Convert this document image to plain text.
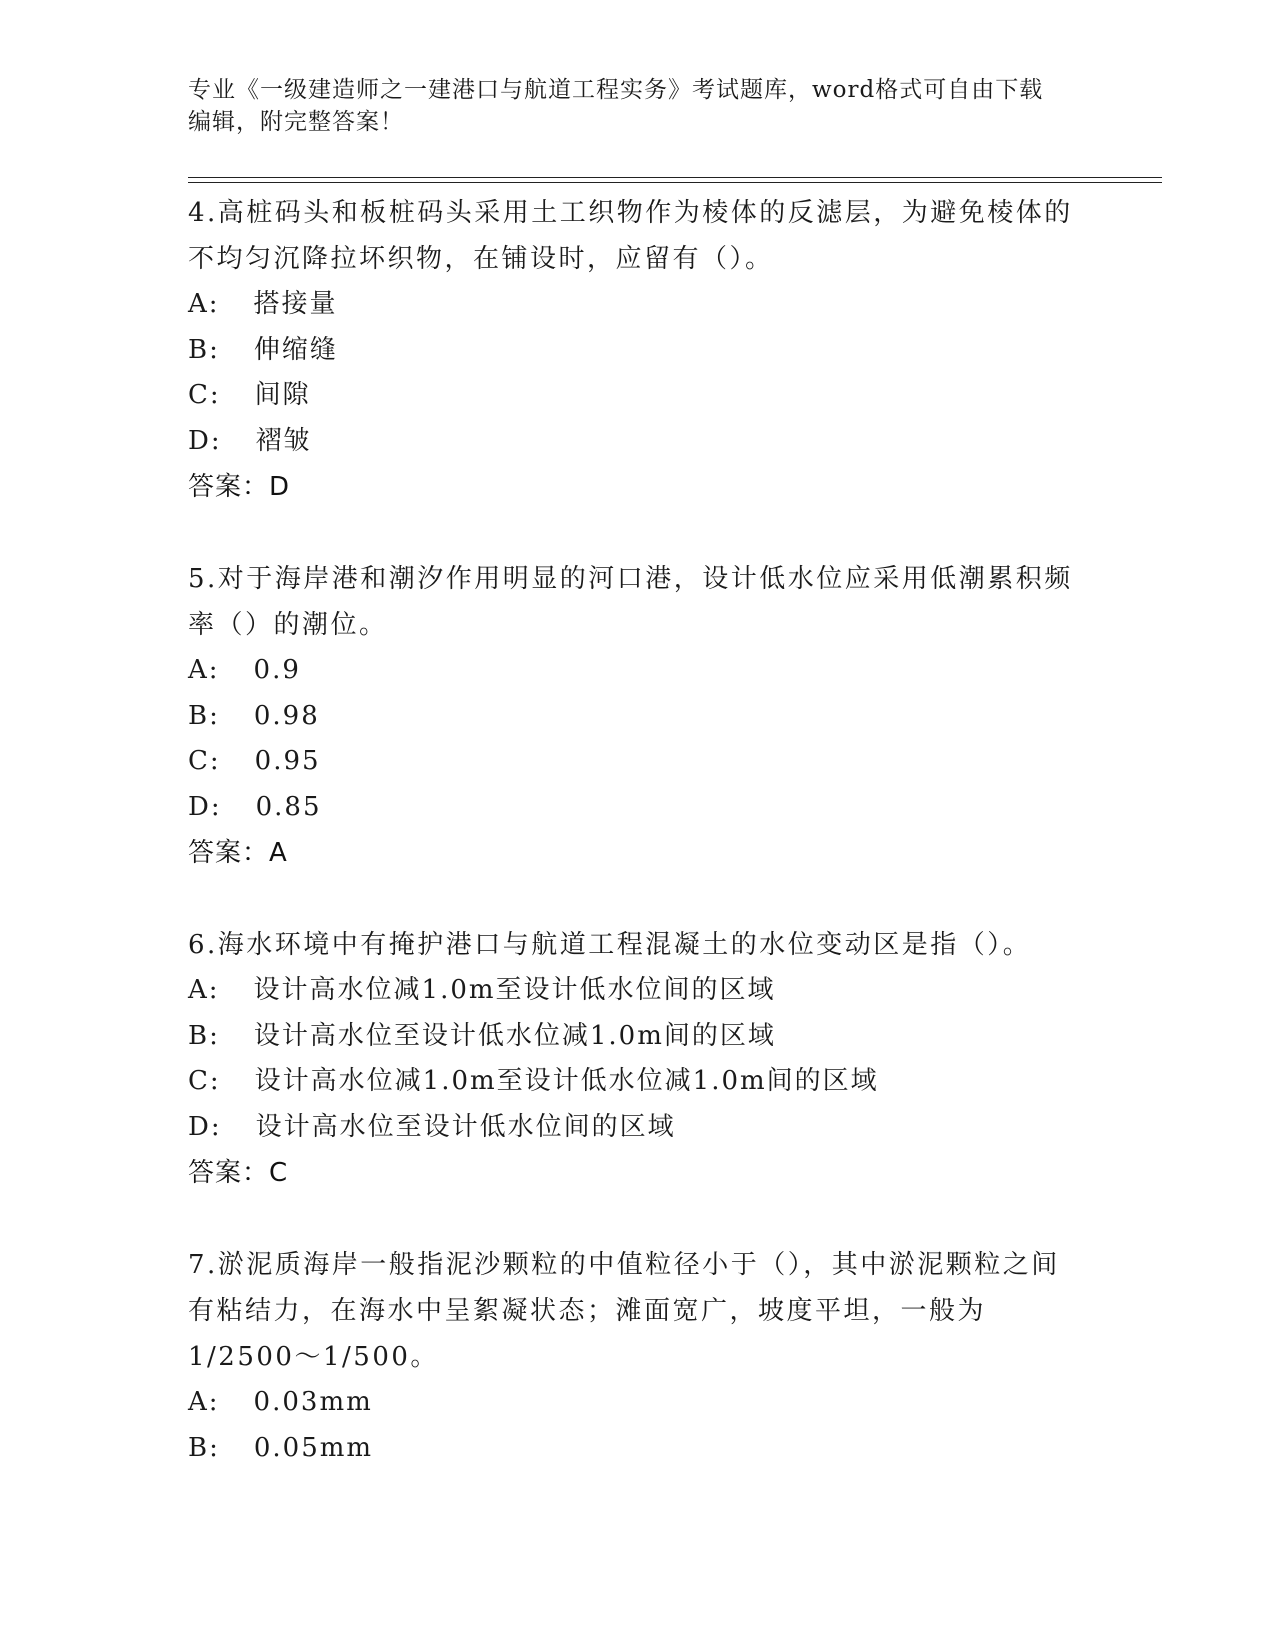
专业《一级建造师之一建港口与航道工程实务》考试题库，word格式可自由下载
编辑，附完整答案！

4.高桩码头和板桩码头采用土工织物作为棱体的反滤层，为避免棱体的不均匀沉降拉坏织物，在铺设时，应留有（）。

A: 搭接量

B: 伸缩缝

C: 间隙

D: 褶皱

答案：D

5.对于海岸港和潮汐作用明显的河口港，设计低水位应采用低潮累积频率（）的潮位。

A: 0.9

B: 0.98

C: 0.95

D: 0.85

答案：A

6.海水环境中有掩护港口与航道工程混凝土的水位变动区是指（）。

A: 设计高水位减1.0m至设计低水位间的区域

B: 设计高水位至设计低水位减1.0m间的区域

C: 设计高水位减1.0m至设计低水位减1.0m间的区域

D: 设计高水位至设计低水位间的区域

答案：C

7.淤泥质海岸一般指泥沙颗粒的中值粒径小于（），其中淤泥颗粒之间有粘结力，在海水中呈絮凝状态；滩面宽广，坡度平坦，一般为1/2500～1/500。

A: 0.03mm

B: 0.05mm
